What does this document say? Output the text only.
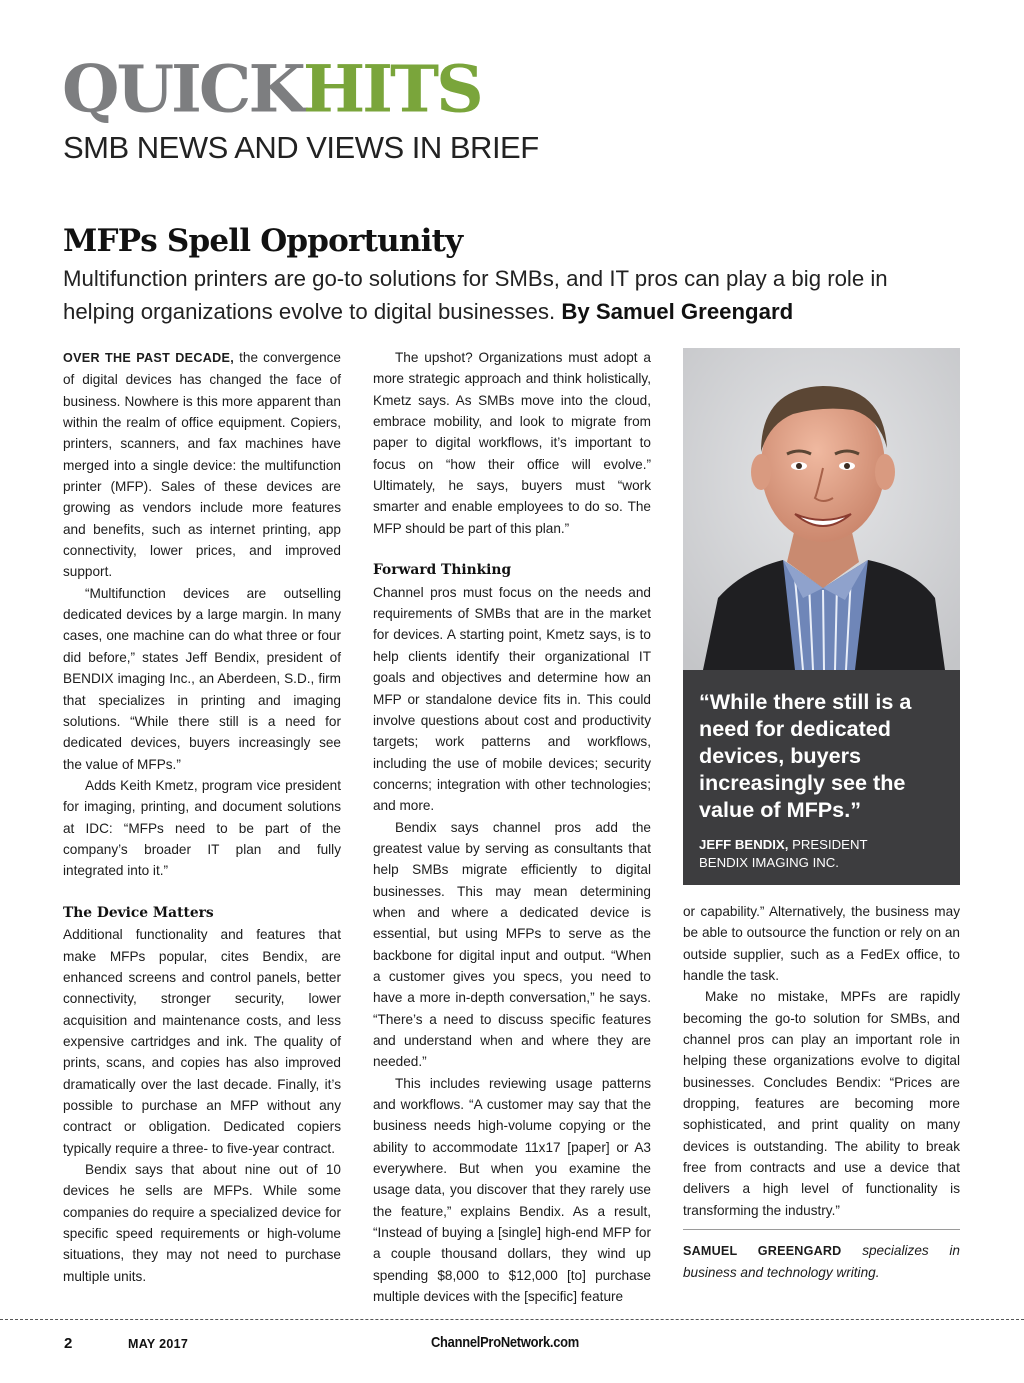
QUICKHITS
SMB NEWS AND VIEWS IN BRIEF
MFPs Spell Opportunity
Multifunction printers are go-to solutions for SMBs, and IT pros can play a big role in helping organizations evolve to digital businesses. By Samuel Greengard

OVER THE PAST DECADE, the convergence of digital devices has changed the face of business. Nowhere is this more apparent than within the realm of office equipment. Copiers, printers, scanners, and fax machines have merged into a single device: the multifunction printer (MFP). Sales of these devices are growing as vendors include more features and benefits, such as internet printing, app connectivity, lower prices, and improved support.

“Multifunction devices are outselling dedicated devices by a large margin. In many cases, one machine can do what three or four did before,” states Jeff Bendix, president of BENDIX imaging Inc., an Aberdeen, S.D., firm that specializes in printing and imaging solutions. “While there still is a need for dedicated devices, buyers increasingly see the value of MFPs.”

Adds Keith Kmetz, program vice president for imaging, printing, and document solutions at IDC: “MFPs need to be part of the company’s broader IT plan and fully integrated into it.”

The Device Matters

Additional functionality and features that make MFPs popular, cites Bendix, are enhanced screens and control panels, better connectivity, stronger security, lower acquisition and maintenance costs, and less expensive cartridges and ink. The quality of prints, scans, and copies has also improved dramatically over the last decade. Finally, it’s possible to purchase an MFP without any contract or obligation. Dedicated copiers typically require a three- to five-year contract.

Bendix says that about nine out of 10 devices he sells are MFPs. While some companies do require a specialized device for specific speed requirements or high-volume situations, they may not need to purchase multiple units.

The upshot? Organizations must adopt a more strategic approach and think holistically, Kmetz says. As SMBs move into the cloud, embrace mobility, and look to migrate from paper to digital workflows, it’s important to focus on “how their office will evolve.” Ultimately, he says, buyers must “work smarter and enable employees to do so. The MFP should be part of this plan.”

Forward Thinking

Channel pros must focus on the needs and requirements of SMBs that are in the market for devices. A starting point, Kmetz says, is to help clients identify their organizational IT goals and objectives and determine how an MFP or standalone device fits in. This could involve questions about cost and productivity targets; work patterns and workflows, including the use of mobile devices; security concerns; integration with other technologies; and more.

Bendix says channel pros add the greatest value by serving as consultants that help SMBs migrate efficiently to digital businesses. This may mean determining when and where a dedicated device is essential, but using MFPs to serve as the backbone for digital input and output. “When a customer gives you specs, you need to have a more in-depth conversation,” he says. “There’s a need to discuss specific features and understand when and where they are needed.”

This includes reviewing usage patterns and workflows. “A customer may say that the business needs high-volume copying or the ability to accommodate 11x17 [paper] or A3 everywhere. But when you examine the usage data, you discover that they rarely use the feature,” explains Bendix. As a result, “Instead of buying a [single] high-end MFP for a couple thousand dollars, they wind up spending $8,000 to $12,000 [to] purchase multiple devices with the [specific] feature

“While there still is a need for dedicated devices, buyers increasingly see the value of MFPs.”
JEFF BENDIX, PRESIDENT
BENDIX IMAGING INC.

or capability.” Alternatively, the business may be able to outsource the function or rely on an outside supplier, such as a FedEx office, to handle the task.

Make no mistake, MPFs are rapidly becoming the go-to solution for SMBs, and channel pros can play an important role in helping these organizations evolve to digital businesses. Concludes Bendix: “Prices are dropping, features are becoming more sophisticated, and print quality on many devices is outstanding. The ability to break free from contracts and use a device that delivers a high level of functionality is transforming the industry.”

SAMUEL GREENGARD specializes in business and technology writing.
2	MAY 2017	ChannelProNetwork.com
